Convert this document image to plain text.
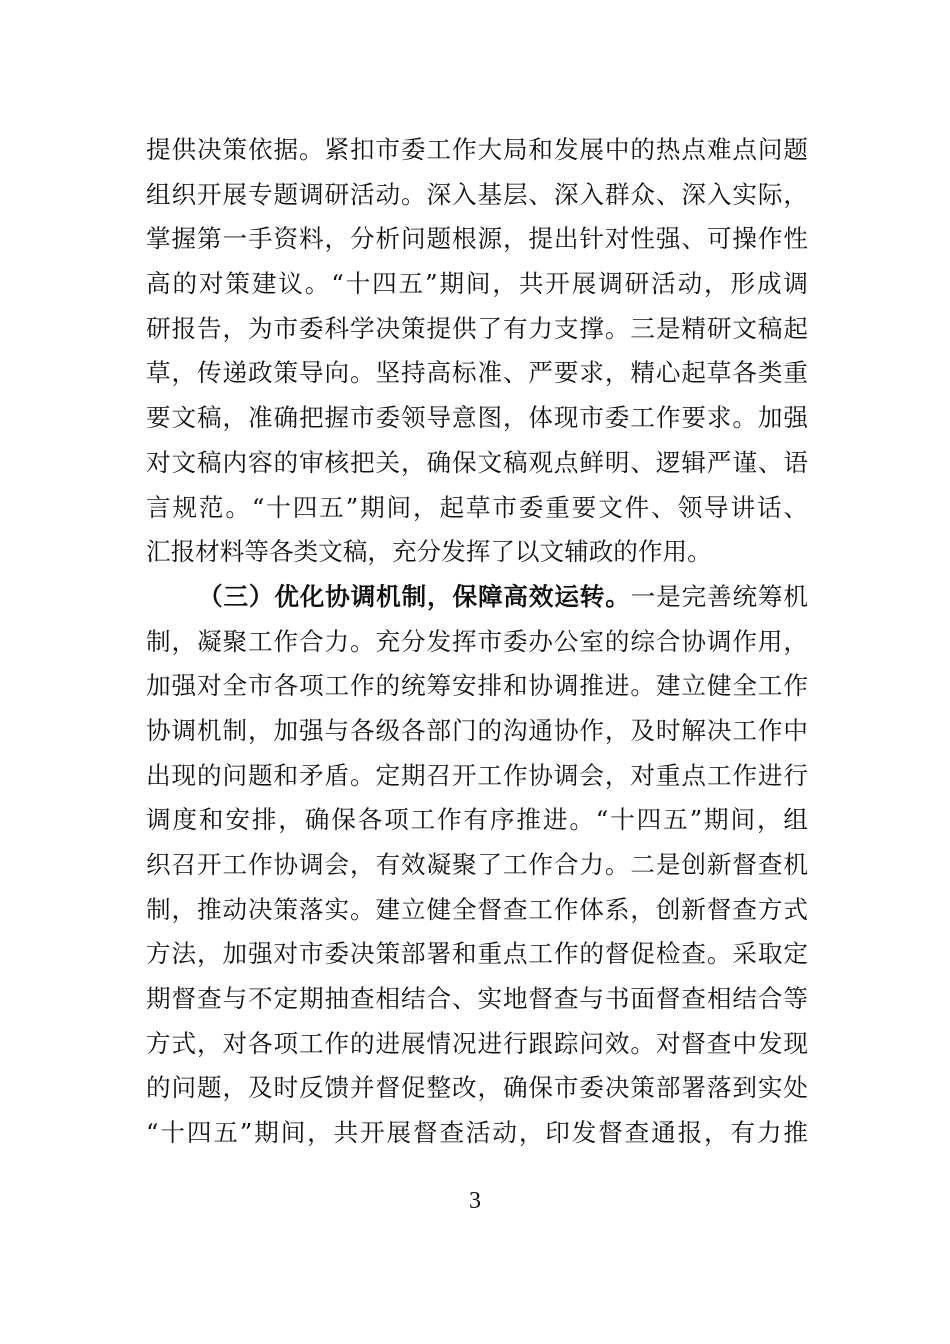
提供决策依据。紧扣市委工作大局和发展中的热点难点问题
组织开展专题调研活动。深入基层、深入群众、深入实际，
掌握第一手资料，分析问题根源，提出针对性强、可操作性
高的对策建议。“十四五”期间，共开展调研活动，形成调
研报告，为市委科学决策提供了有力支撑。三是精研文稿起
草，传递政策导向。坚持高标准、严要求，精心起草各类重
要文稿，准确把握市委领导意图，体现市委工作要求。加强
对文稿内容的审核把关，确保文稿观点鲜明、逻辑严谨、语
言规范。“十四五”期间，起草市委重要文件、领导讲话、
汇报材料等各类文稿，充分发挥了以文辅政的作用。
（三）优化协调机制，保障高效运转。一是完善统筹机
制，凝聚工作合力。充分发挥市委办公室的综合协调作用，
加强对全市各项工作的统筹安排和协调推进。建立健全工作
协调机制，加强与各级各部门的沟通协作，及时解决工作中
出现的问题和矛盾。定期召开工作协调会，对重点工作进行
调度和安排，确保各项工作有序推进。“十四五”期间，组
织召开工作协调会，有效凝聚了工作合力。二是创新督查机
制，推动决策落实。建立健全督查工作体系，创新督查方式
方法，加强对市委决策部署和重点工作的督促检查。采取定
期督查与不定期抽查相结合、实地督查与书面督查相结合等
方式，对各项工作的进展情况进行跟踪问效。对督查中发现
的问题，及时反馈并督促整改，确保市委决策部署落到实处
“十四五”期间，共开展督查活动，印发督查通报，有力推
3
